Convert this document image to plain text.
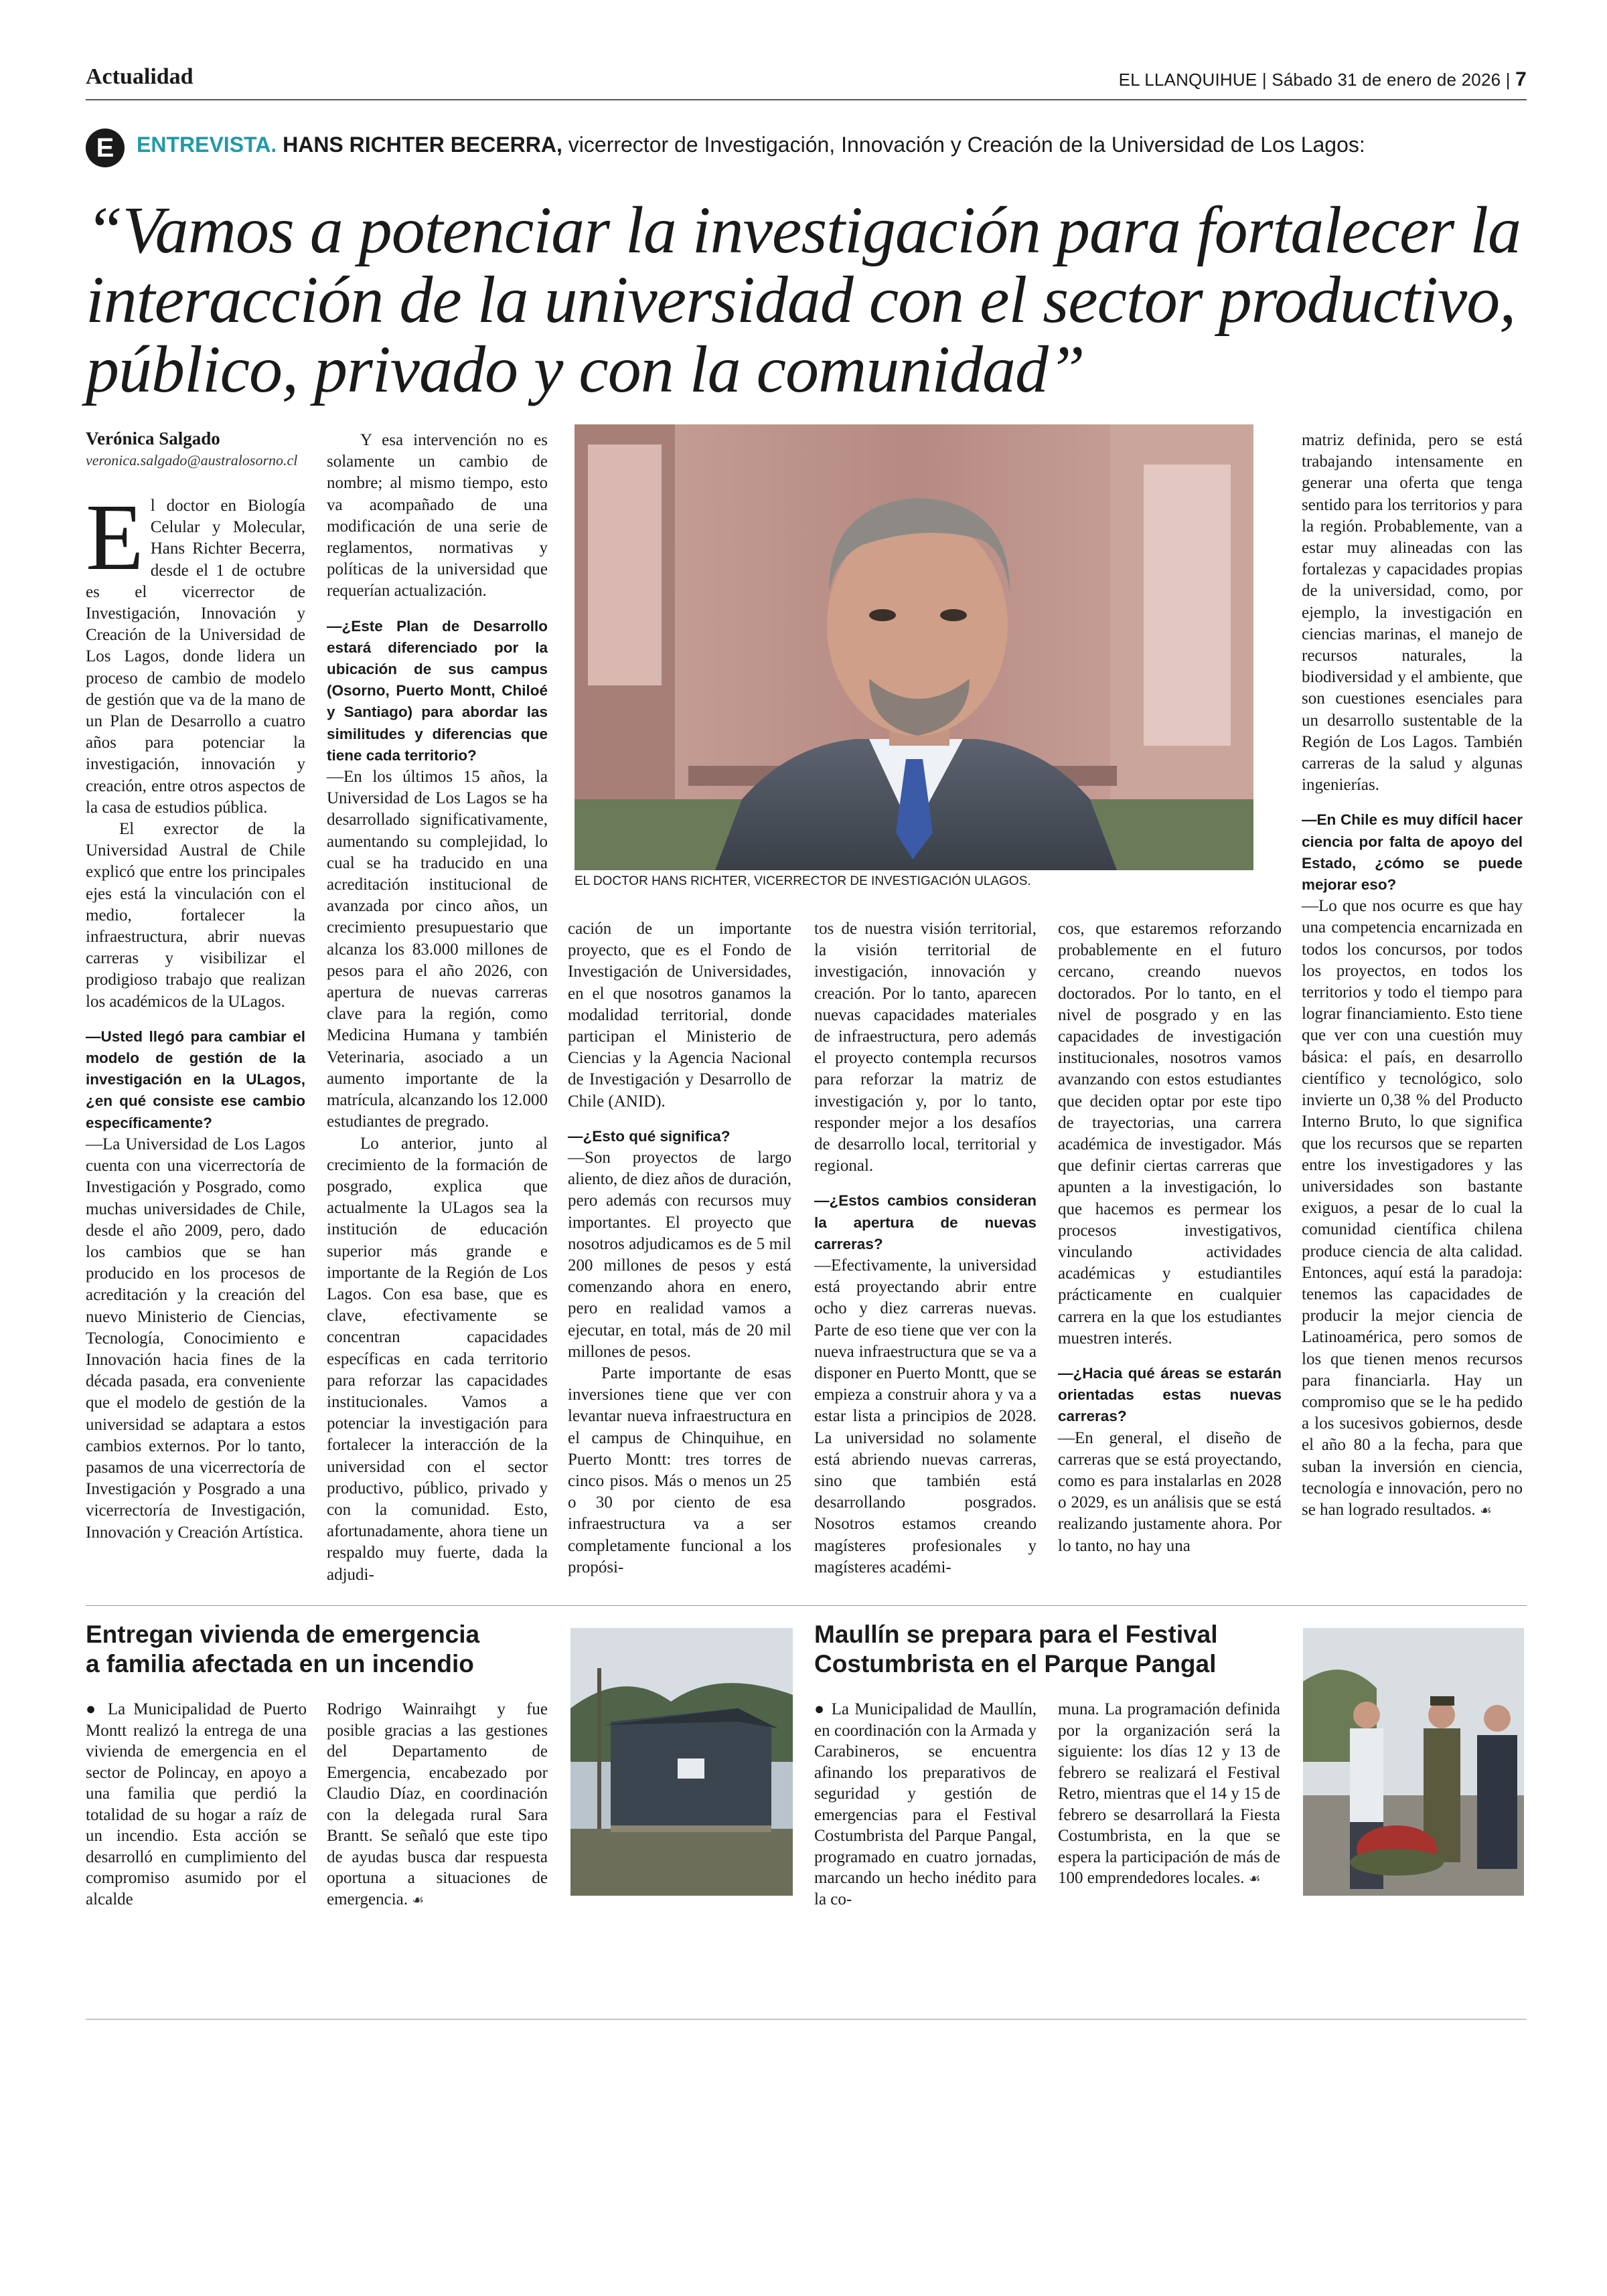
Actualidad	EL LLANQUIHUE | Sábado 31 de enero de 2026 | 7
E	ENTREVISTA. HANS RICHTER BECERRA, vicerrector de Investigación, Innovación y Creación de la Universidad de Los Lagos:
“Vamos a potenciar la investigación para fortalecer la interacción de la universidad con el sector productivo, público, privado y con la comunidad”
Verónica Salgado
veronica.salgado@australosorno.cl

El doctor en Biología Celular y Molecular, Hans Richter Becerra, desde el 1 de octubre es el vicerrector de Investigación, Innovación y Creación de la Universidad de Los Lagos, donde lidera un proceso de cambio de modelo de gestión que va de la mano de un Plan de Desarrollo a cuatro años para potenciar la investigación, innovación y creación, entre otros aspectos de la casa de estudios pública.

El exrector de la Universidad Austral de Chile explicó que entre los principales ejes está la vinculación con el medio, fortalecer la infraestructura, abrir nuevas carreras y visibilizar el prodigioso trabajo que realizan los académicos de la ULagos.

—Usted llegó para cambiar el modelo de gestión de la investigación en la ULagos, ¿en qué consiste ese cambio específicamente?

—La Universidad de Los Lagos cuenta con una vicerrectoría de Investigación y Posgrado, como muchas universidades de Chile, desde el año 2009, pero, dado los cambios que se han producido en los procesos de acreditación y la creación del nuevo Ministerio de Ciencias, Tecnología, Conocimiento e Innovación hacia fines de la década pasada, era conveniente que el modelo de gestión de la universidad se adaptara a estos cambios externos. Por lo tanto, pasamos de una vicerrectoría de Investigación y Posgrado a una vicerrectoría de Investigación, Innovación y Creación Artística.

Y esa intervención no es solamente un cambio de nombre; al mismo tiempo, esto va acompañado de una modificación de una serie de reglamentos, normativas y políticas de la universidad que requerían actualización.

—¿Este Plan de Desarrollo estará diferenciado por la ubicación de sus campus (Osorno, Puerto Montt, Chiloé y Santiago) para abordar las similitudes y diferencias que tiene cada territorio?

—En los últimos 15 años, la Universidad de Los Lagos se ha desarrollado significativamente, aumentando su complejidad, lo cual se ha traducido en una acreditación institucional de avanzada por cinco años, un crecimiento presupuestario que alcanza los 83.000 millones de pesos para el año 2026, con apertura de nuevas carreras clave para la región, como Medicina Humana y también Veterinaria, asociado a un aumento importante de la matrícula, alcanzando los 12.000 estudiantes de pregrado.

Lo anterior, junto al crecimiento de la formación de posgrado, explica que actualmente la ULagos sea la institución de educación superior más grande e importante de la Región de Los Lagos. Con esa base, que es clave, efectivamente se concentran capacidades específicas en cada territorio para reforzar las capacidades institucionales. Vamos a potenciar la investigación para fortalecer la interacción de la universidad con el sector productivo, público, privado y con la comunidad. Esto, afortunadamente, ahora tiene un respaldo muy fuerte, dada la adjudi-

EL DOCTOR HANS RICHTER, VICERRECTOR DE INVESTIGACIÓN ULAGOS.

cación de un importante proyecto, que es el Fondo de Investigación de Universidades, en el que nosotros ganamos la modalidad territorial, donde participan el Ministerio de Ciencias y la Agencia Nacional de Investigación y Desarrollo de Chile (ANID).

—¿Esto qué significa?

—Son proyectos de largo aliento, de diez años de duración, pero además con recursos muy importantes. El proyecto que nosotros adjudicamos es de 5 mil 200 millones de pesos y está comenzando ahora en enero, pero en realidad vamos a ejecutar, en total, más de 20 mil millones de pesos.

Parte importante de esas inversiones tiene que ver con levantar nueva infraestructura en el campus de Chinquihue, en Puerto Montt: tres torres de cinco pisos. Más o menos un 25 o 30 por ciento de esa infraestructura va a ser completamente funcional a los propósi-

tos de nuestra visión territorial, la visión territorial de investigación, innovación y creación. Por lo tanto, aparecen nuevas capacidades materiales de infraestructura, pero además el proyecto contempla recursos para reforzar la matriz de investigación y, por lo tanto, responder mejor a los desafíos de desarrollo local, territorial y regional.

—¿Estos cambios consideran la apertura de nuevas carreras?

—Efectivamente, la universidad está proyectando abrir entre ocho y diez carreras nuevas. Parte de eso tiene que ver con la nueva infraestructura que se va a disponer en Puerto Montt, que se empieza a construir ahora y va a estar lista a principios de 2028. La universidad no solamente está abriendo nuevas carreras, sino que también está desarrollando posgrados. Nosotros estamos creando magísteres profesionales y magísteres académi-

cos, que estaremos reforzando probablemente en el futuro cercano, creando nuevos doctorados. Por lo tanto, en el nivel de posgrado y en las capacidades de investigación institucionales, nosotros vamos avanzando con estos estudiantes que deciden optar por este tipo de trayectorias, una carrera académica de investigador. Más que definir ciertas carreras que apunten a la investigación, lo que hacemos es permear los procesos investigativos, vinculando actividades académicas y estudiantiles prácticamente en cualquier carrera en la que los estudiantes muestren interés.

—¿Hacia qué áreas se estarán orientadas estas nuevas carreras?

—En general, el diseño de carreras que se está proyectando, como es para instalarlas en 2028 o 2029, es un análisis que se está realizando justamente ahora. Por lo tanto, no hay una

matriz definida, pero se está trabajando intensamente en generar una oferta que tenga sentido para los territorios y para la región. Probablemente, van a estar muy alineadas con las fortalezas y capacidades propias de la universidad, como, por ejemplo, la investigación en ciencias marinas, el manejo de recursos naturales, la biodiversidad y el ambiente, que son cuestiones esenciales para un desarrollo sustentable de la Región de Los Lagos. También carreras de la salud y algunas ingenierías.

—En Chile es muy difícil hacer ciencia por falta de apoyo del Estado, ¿cómo se puede mejorar eso?

—Lo que nos ocurre es que hay una competencia encarnizada en todos los concursos, por todos los proyectos, en todos los territorios y todo el tiempo para lograr financiamiento. Esto tiene que ver con una cuestión muy básica: el país, en desarrollo científico y tecnológico, solo invierte un 0,38 % del Producto Interno Bruto, lo que significa que los recursos que se reparten entre los investigadores y las universidades son bastante exiguos, a pesar de lo cual la comunidad científica chilena produce ciencia de alta calidad. Entonces, aquí está la paradoja: tenemos las capacidades de producir la mejor ciencia de Latinoamérica, pero somos de los que tienen menos recursos para financiarla. Hay un compromiso que se le ha pedido a los sucesivos gobiernos, desde el año 80 a la fecha, para que suban la inversión en ciencia, tecnología e innovación, pero no se han logrado resultados. ☙

Entregan vivienda de emergencia
a familia afectada en un incendio

● La Municipalidad de Puerto Montt realizó la entrega de una vivienda de emergencia en el sector de Polincay, en apoyo a una familia que perdió la totalidad de su hogar a raíz de un incendio. Esta acción se desarrolló en cumplimiento del compromiso asumido por el alcalde

Rodrigo Wainraihgt y fue posible gracias a las gestiones del Departamento de Emergencia, encabezado por Claudio Díaz, en coordinación con la delegada rural Sara Brantt. Se señaló que este tipo de ayudas busca dar respuesta oportuna a situaciones de emergencia. ☙

Maullín se prepara para el Festival
Costumbrista en el Parque Pangal

● La Municipalidad de Maullín, en coordinación con la Armada y Carabineros, se encuentra afinando los preparativos de seguridad y gestión de emergencias para el Festival Costumbrista del Parque Pangal, programado en cuatro jornadas, marcando un hecho inédito para la co-

muna. La programación definida por la organización será la siguiente: los días 12 y 13 de febrero se realizará el Festival Retro, mientras que el 14 y 15 de febrero se desarrollará la Fiesta Costumbrista, en la que se espera la participación de más de 100 emprendedores locales. ☙
